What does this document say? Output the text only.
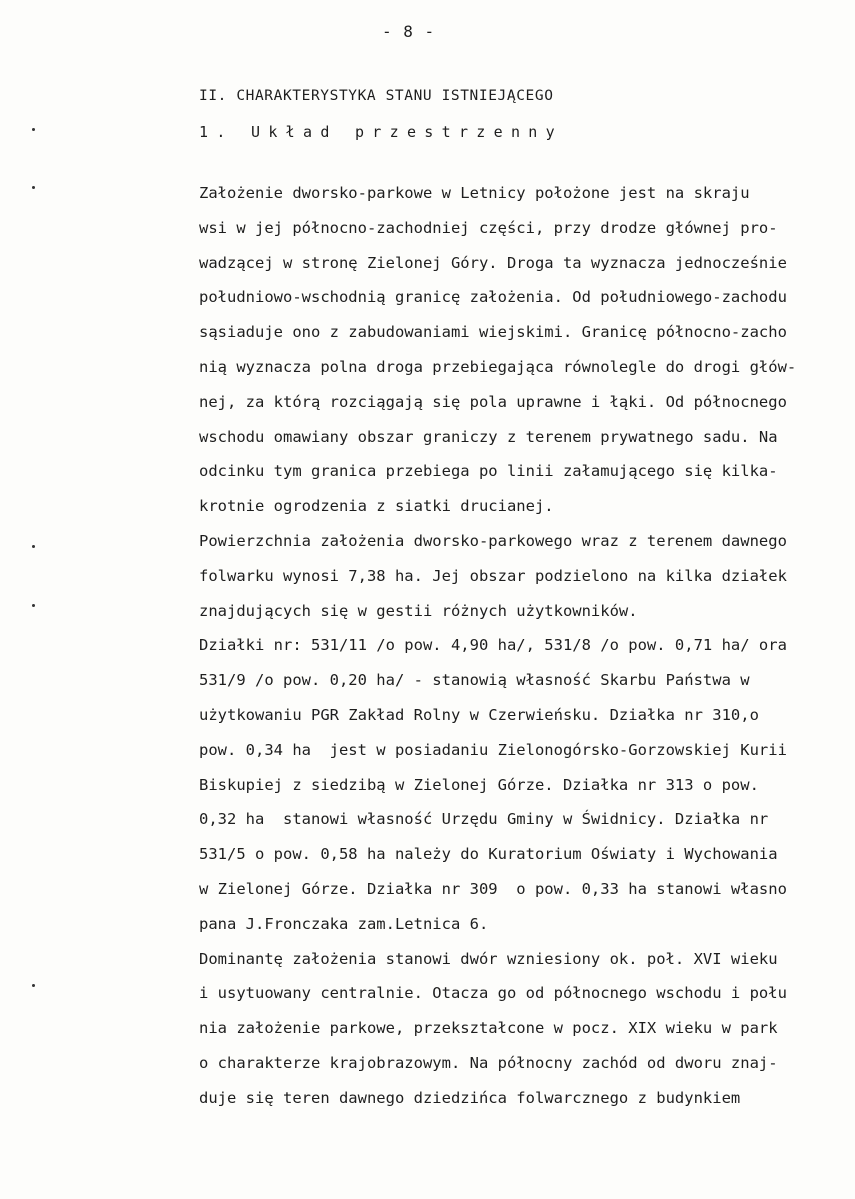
- 8 -
II. CHARAKTERYSTYKA STANU ISTNIEJĄCEGO
1. Układ przestrzenny
Założenie dworsko-parkowe w Letnicy położone jest na skraju
wsi w jej północno-zachodniej części, przy drodze głównej pro-
wadzącej w stronę Zielonej Góry. Droga ta wyznacza jednocześnie
południowo-wschodnią granicę założenia. Od południowego-zachodu
sąsiaduje ono z zabudowaniami wiejskimi. Granicę północno-zacho
nią wyznacza polna droga przebiegająca równolegle do drogi głów-
nej, za którą rozciągają się pola uprawne i łąki. Od północnego
wschodu omawiany obszar graniczy z terenem prywatnego sadu. Na
odcinku tym granica przebiega po linii załamującego się kilka-
krotnie ogrodzenia z siatki drucianej.
Powierzchnia założenia dworsko-parkowego wraz z terenem dawnego
folwarku wynosi 7,38 ha. Jej obszar podzielono na kilka działek
znajdujących się w gestii różnych użytkowników.
Działki nr: 531/11 /o pow. 4,90 ha/, 531/8 /o pow. 0,71 ha/ ora
531/9 /o pow. 0,20 ha/ - stanowią własność Skarbu Państwa w
użytkowaniu PGR Zakład Rolny w Czerwieńsku. Działka nr 310,o
pow. 0,34 ha  jest w posiadaniu Zielonogórsko-Gorzowskiej Kurii
Biskupiej z siedzibą w Zielonej Górze. Działka nr 313 o pow.
0,32 ha  stanowi własność Urzędu Gminy w Świdnicy. Działka nr
531/5 o pow. 0,58 ha należy do Kuratorium Oświaty i Wychowania
w Zielonej Górze. Działka nr 309  o pow. 0,33 ha stanowi własno
pana J.Fronczaka zam.Letnica 6.
Dominantę założenia stanowi dwór wzniesiony ok. poł. XVI wieku
i usytuowany centralnie. Otacza go od północnego wschodu i połu
nia założenie parkowe, przekształcone w pocz. XIX wieku w park
o charakterze krajobrazowym. Na północny zachód od dworu znaj-
duje się teren dawnego dziedzińca folwarcznego z budynkiem
